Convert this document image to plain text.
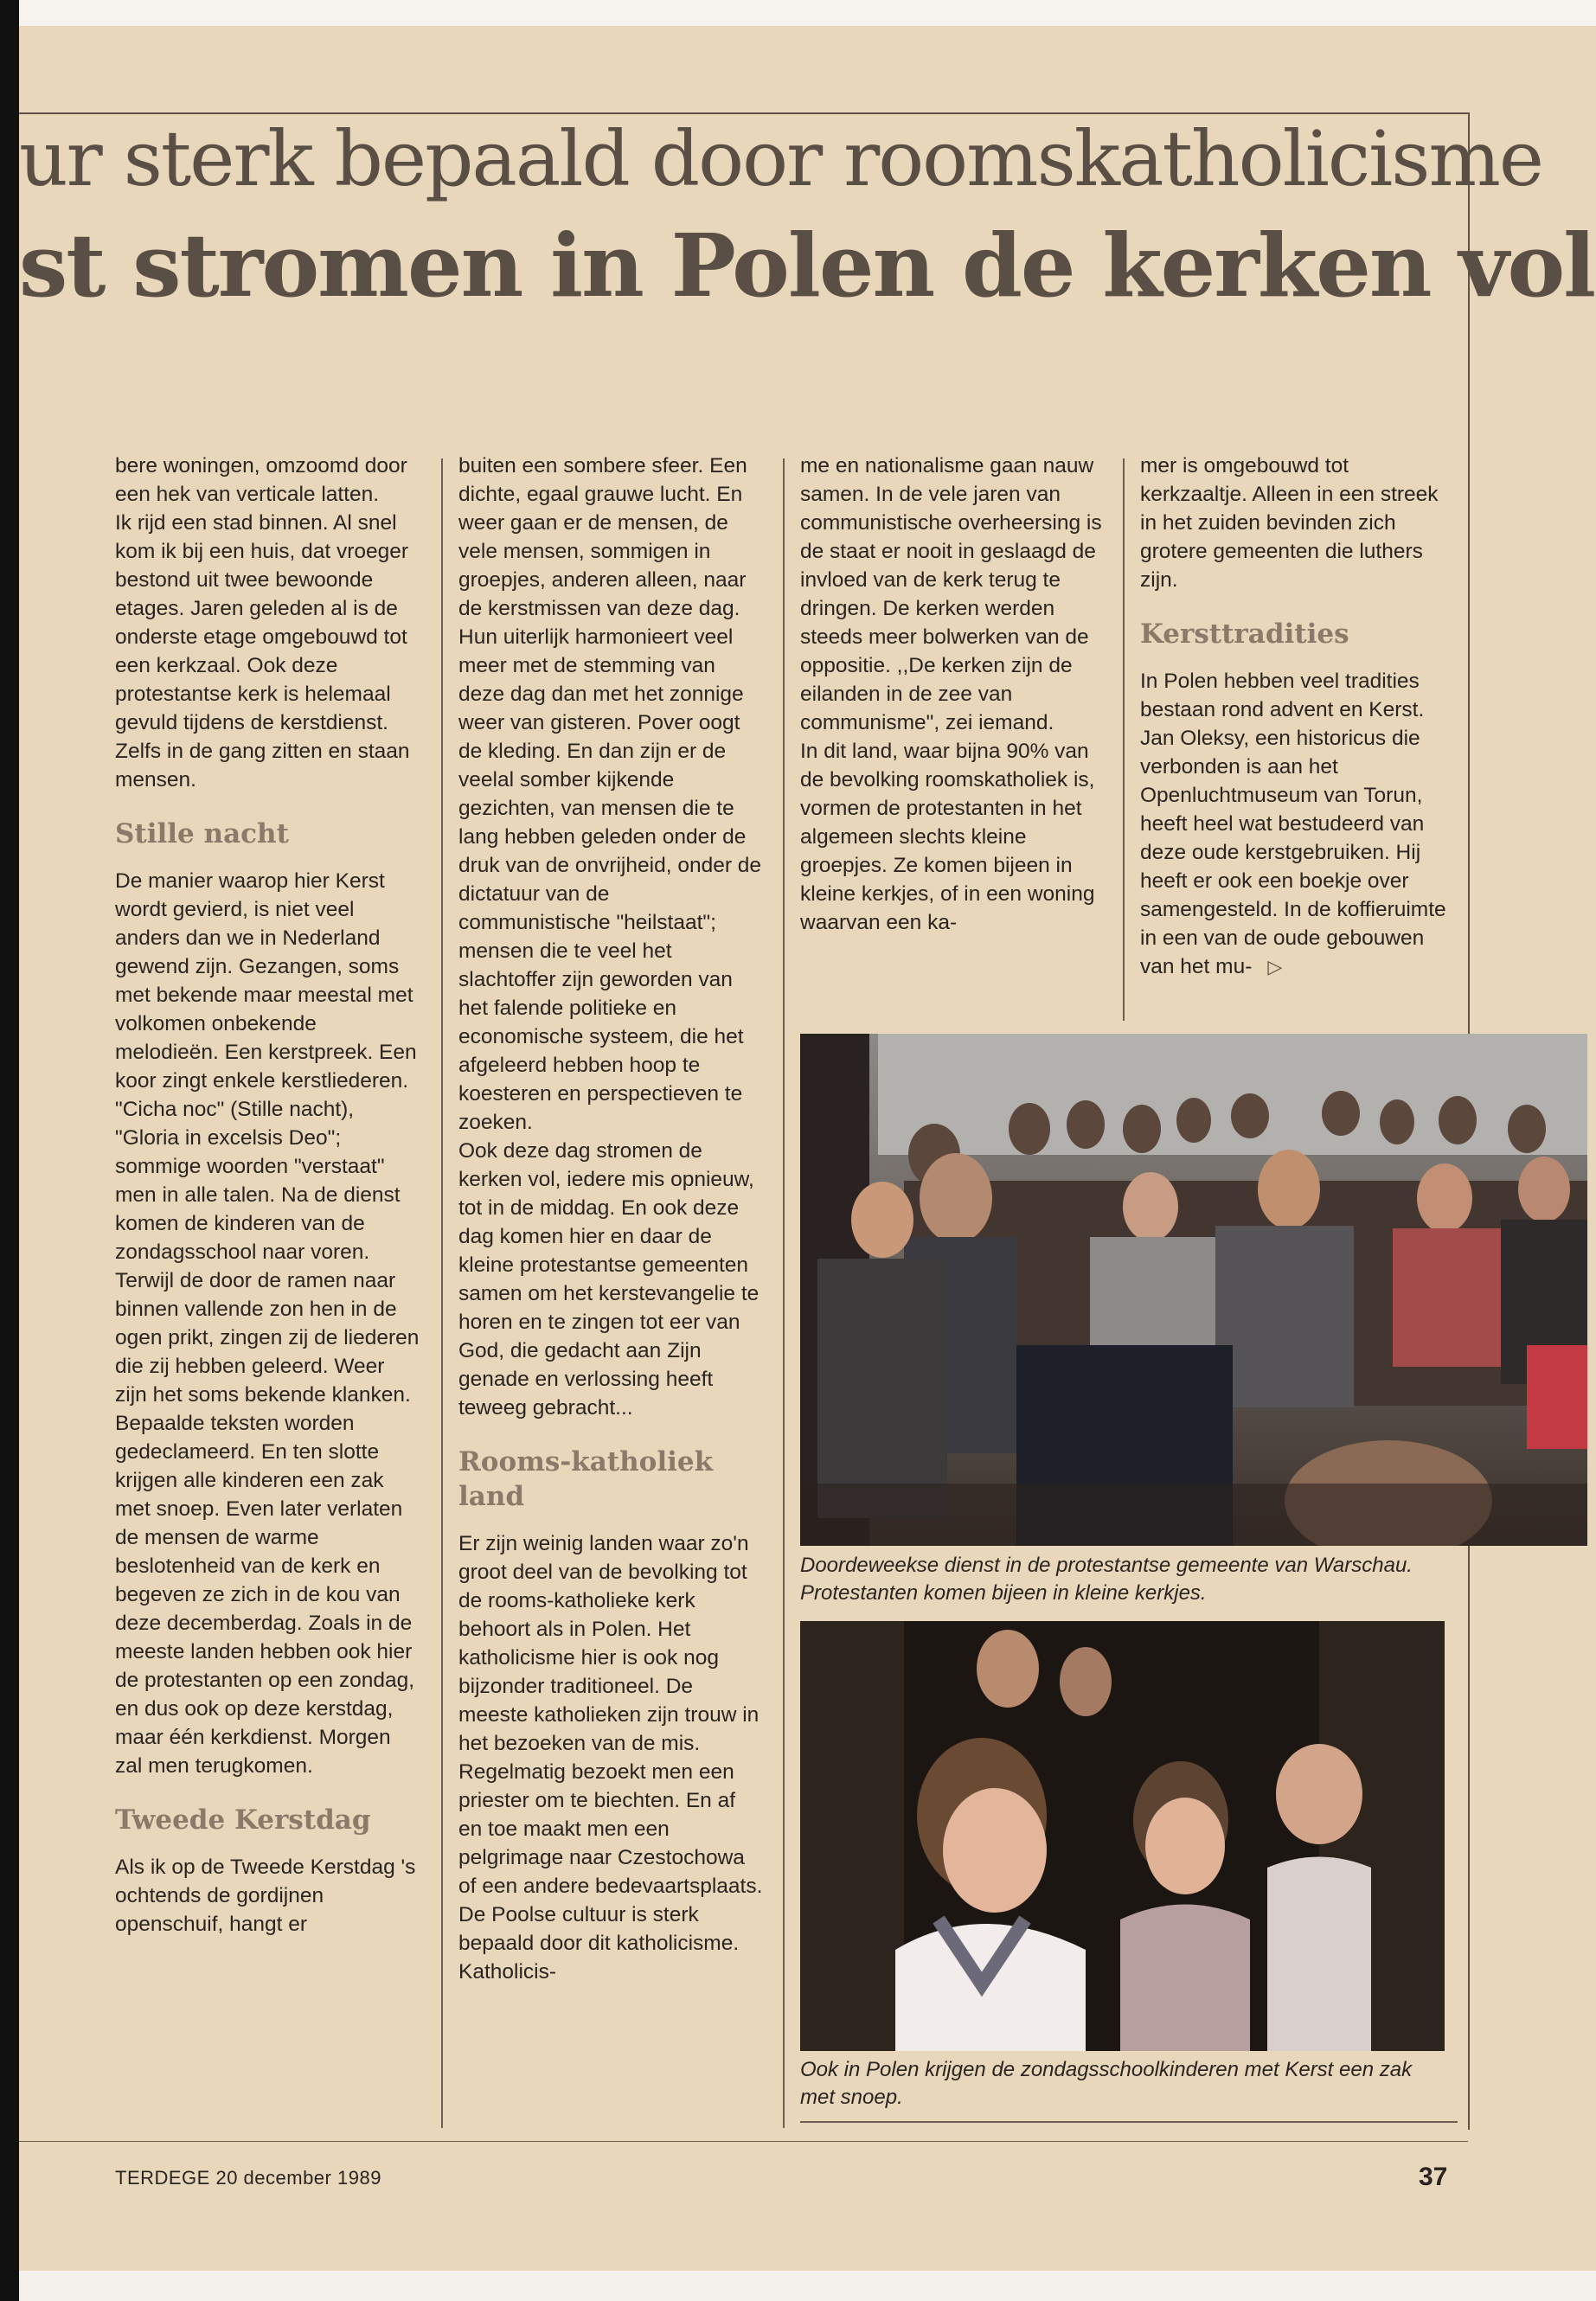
ur sterk bepaald door roomskatholicisme
st stromen in Polen de kerken vol

bere woningen, omzoomd door een hek van verticale latten.

Ik rijd een stad binnen. Al snel kom ik bij een huis, dat vroeger bestond uit twee bewoonde etages. Jaren geleden al is de onderste etage omgebouwd tot een kerkzaal. Ook deze protestantse kerk is helemaal gevuld tijdens de kerstdienst. Zelfs in de gang zitten en staan mensen.

Stille nacht

De manier waarop hier Kerst wordt gevierd, is niet veel anders dan we in Nederland gewend zijn. Gezangen, soms met bekende maar meestal met volkomen onbekende melodieën. Een kerstpreek. Een koor zingt enkele kerstliederen. "Cicha noc" (Stille nacht), "Gloria in excelsis Deo"; sommige woorden "verstaat" men in alle talen. Na de dienst komen de kinderen van de zondagsschool naar voren. Terwijl de door de ramen naar binnen vallende zon hen in de ogen prikt, zingen zij de liederen die zij hebben geleerd. Weer zijn het soms bekende klanken. Bepaalde teksten worden gedeclameerd. En ten slotte krijgen alle kinderen een zak met snoep. Even later verlaten de mensen de warme beslotenheid van de kerk en begeven ze zich in de kou van deze decemberdag. Zoals in de meeste landen hebben ook hier de protestanten op een zondag, en dus ook op deze kerstdag, maar één kerkdienst. Morgen zal men terugkomen.

Tweede Kerstdag

Als ik op de Tweede Kerstdag 's ochtends de gordijnen openschuif, hangt er

buiten een sombere sfeer. Een dichte, egaal grauwe lucht. En weer gaan er de mensen, de vele mensen, sommigen in groepjes, anderen alleen, naar de kerstmissen van deze dag. Hun uiterlijk harmonieert veel meer met de stemming van deze dag dan met het zonnige weer van gisteren. Pover oogt de kleding. En dan zijn er de veelal somber kijkende gezichten, van mensen die te lang hebben geleden onder de druk van de onvrijheid, onder de dictatuur van de communistische "heilstaat"; mensen die te veel het slachtoffer zijn geworden van het falende politieke en economische systeem, die het afgeleerd hebben hoop te koesteren en perspectieven te zoeken.

Ook deze dag stromen de kerken vol, iedere mis opnieuw, tot in de middag. En ook deze dag komen hier en daar de kleine protestantse gemeenten samen om het kerstevangelie te horen en te zingen tot eer van God, die gedacht aan Zijn genade en verlossing heeft teweeg gebracht...

Rooms-katholiek land

Er zijn weinig landen waar zo'n groot deel van de bevolking tot de rooms-katholieke kerk behoort als in Polen. Het katholicisme hier is ook nog bijzonder traditioneel. De meeste katholieken zijn trouw in het bezoeken van de mis. Regelmatig bezoekt men een priester om te biechten. En af en toe maakt men een pelgrimage naar Czestochowa of een andere bedevaartsplaats. De Poolse cultuur is sterk bepaald door dit katholicisme. Katholicis-

me en nationalisme gaan nauw samen. In de vele jaren van communistische overheersing is de staat er nooit in geslaagd de invloed van de kerk terug te dringen. De kerken werden steeds meer bolwerken van de oppositie. ,,De kerken zijn de eilanden in de zee van communisme", zei iemand.

In dit land, waar bijna 90% van de bevolking roomskatholiek is, vormen de protestanten in het algemeen slechts kleine groepjes. Ze komen bijeen in kleine kerkjes, of in een woning waarvan een ka-

mer is omgebouwd tot kerkzaaltje. Alleen in een streek in het zuiden bevinden zich grotere gemeenten die luthers zijn.

Kersttradities

In Polen hebben veel tradities bestaan rond advent en Kerst. Jan Oleksy, een historicus die verbonden is aan het Openluchtmuseum van Torun, heeft heel wat bestudeerd van deze oude kerstgebruiken. Hij heeft er ook een boekje over samengesteld. In de koffieruimte in een van de oude gebouwen van het mu- ▷

Doordeweekse dienst in de protestantse gemeente van Warschau. Protestanten komen bijeen in kleine kerkjes.
Ook in Polen krijgen de zondagsschoolkinderen met Kerst een zak met snoep.
TERDEGE 20 december 1989	37
